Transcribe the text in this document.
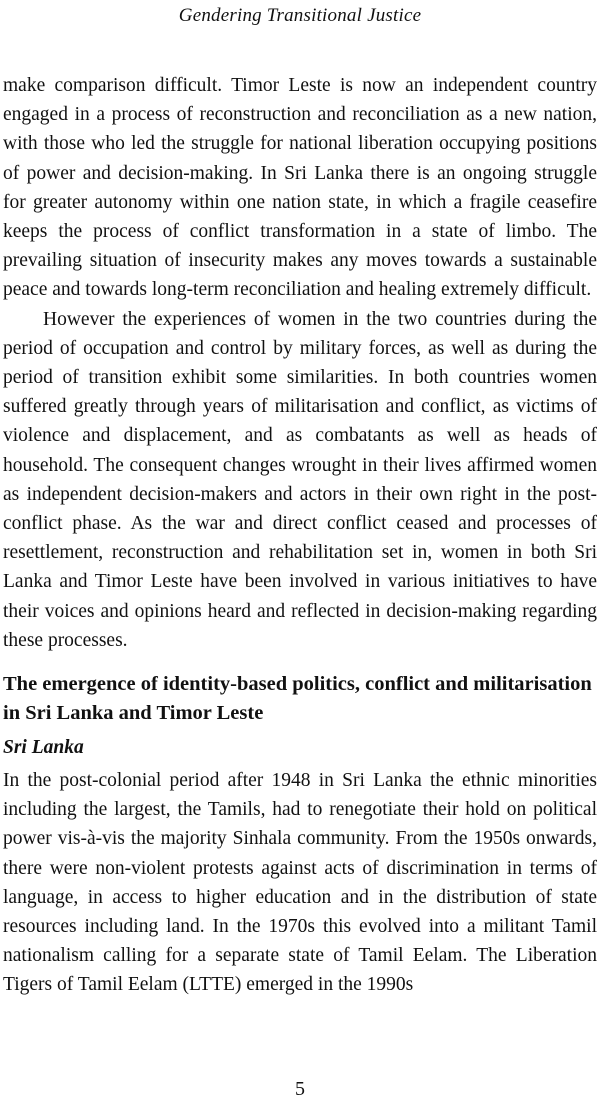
Gendering Transitional Justice

make comparison difficult. Timor Leste is now an independent country engaged in a process of reconstruction and reconciliation as a new nation, with those who led the struggle for national liberation occupying positions of power and decision-making. In Sri Lanka there is an ongoing struggle for greater autonomy within one nation state, in which a fragile ceasefire keeps the process of conflict transformation in a state of limbo. The prevailing situation of insecurity makes any moves towards a sustainable peace and towards long-term reconciliation and healing extremely difficult.

However the experiences of women in the two countries during the period of occupation and control by military forces, as well as during the period of transition exhibit some similarities. In both countries women suffered greatly through years of militarisation and conflict, as victims of violence and displacement, and as combatants as well as heads of household. The consequent changes wrought in their lives affirmed women as independent decision-makers and actors in their own right in the post-conflict phase. As the war and direct conflict ceased and processes of resettlement, reconstruction and rehabilitation set in, women in both Sri Lanka and Timor Leste have been involved in various initiatives to have their voices and opinions heard and reflected in decision-making regarding these processes.

The emergence of identity-based politics, conflict and militarisation in Sri Lanka and Timor Leste
Sri Lanka

In the post-colonial period after 1948 in Sri Lanka the ethnic minorities including the largest, the Tamils, had to renegotiate their hold on political power vis-à-vis the majority Sinhala community. From the 1950s onwards, there were non-violent protests against acts of discrimination in terms of language, in access to higher education and in the distribution of state resources including land. In the 1970s this evolved into a militant Tamil nationalism calling for a separate state of Tamil Eelam. The Liberation Tigers of Tamil Eelam (LTTE) emerged in the 1990s

5
